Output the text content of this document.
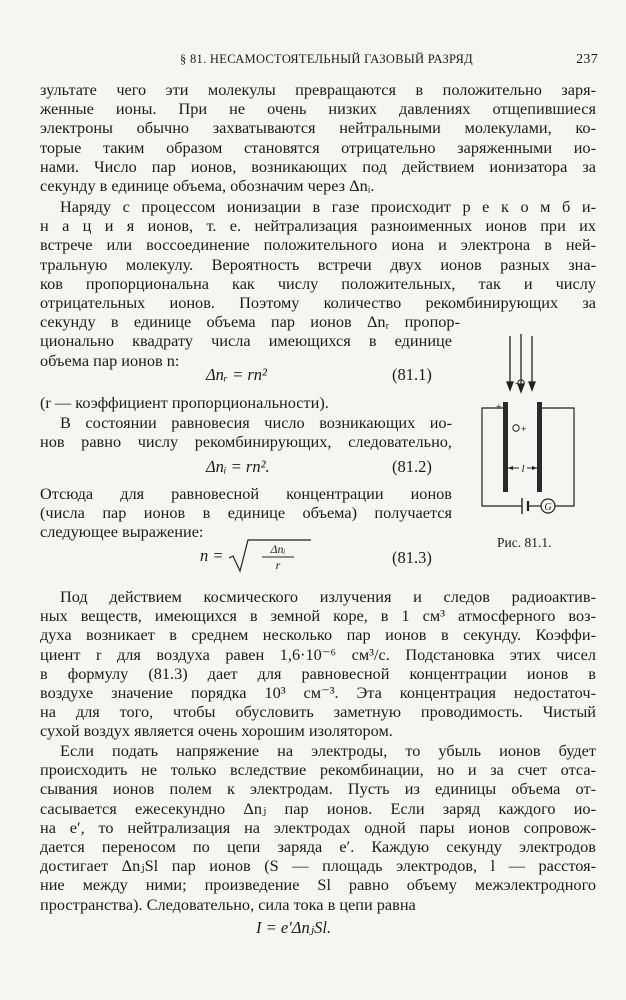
§ 81. НЕСАМОСТОЯТЕЛЬНЫЙ ГАЗОВЫЙ РАЗРЯД	237
зультате чего эти молекулы превращаются в положительно заря-
женные ионы. При не очень низких давлениях отщепившиеся
электроны обычно захватываются нейтральными молекулами, ко-
торые таким образом становятся отрицательно заряженными ио-
нами. Число пар ионов, возникающих под действием ионизатора за
секунду в единице объема, обозначим через Δnᵢ.
Наряду с процессом ионизации в газе происходит р е к о м б и-
н а ц и я ионов, т. е. нейтрализация разноименных ионов при их
встрече или воссоединение положительного иона и электрона в ней-
тральную молекулу. Вероятность встречи двух ионов разных зна-
ков пропорциональна как числу положительных, так и числу
отрицательных ионов. Поэтому количество рекомбинирующих за
секунду в единице объема пар ионов Δnᵣ пропор-
ционально квадрату числа имеющихся в единице
объема пар ионов n:
Δnᵣ = rn²	(81.1)
(r — коэффициент пропорциональности).
В состоянии равновесия число возникающих ио-
нов равно числу рекомбинирующих, следовательно,
Δnᵢ = rn².	(81.2)
Отсюда для равновесной концентрации ионов
(числа пар ионов в единице объема) получается
следующее выражение:
n =	Δnᵢ
r	(81.3)
-
+
+	−
G
l
Рис. 81.1.
Под действием космического излучения и следов радиоактив-
ных веществ, имеющихся в земной коре, в 1 см³ атмосферного воз-
духа возникает в среднем несколько пар ионов в секунду. Коэффи-
циент r для воздуха равен 1,6·10⁻⁶ см³/с. Подстановка этих чисел
в формулу (81.3) дает для равновесной концентрации ионов в
воздухе значение порядка 10³ см⁻³. Эта концентрация недостаточ-
на для того, чтобы обусловить заметную проводимость. Чистый
сухой воздух является очень хорошим изолятором.
Если подать напряжение на электроды, то убыль ионов будет
происходить не только вследствие рекомбинации, но и за счет отса-
сывания ионов полем к электродам. Пусть из единицы объема от-
сасывается ежесекундно Δnⱼ пар ионов. Если заряд каждого ио-
на e′, то нейтрализация на электродах одной пары ионов сопровож-
дается переносом по цепи заряда e′. Каждую секунду электродов
достигает ΔnⱼSl пар ионов (S — площадь электродов, l — расстоя-
ние между ними; произведение Sl равно объему межэлектродного
пространства). Следовательно, сила тока в цепи равна
I = e′ΔnⱼSl.
